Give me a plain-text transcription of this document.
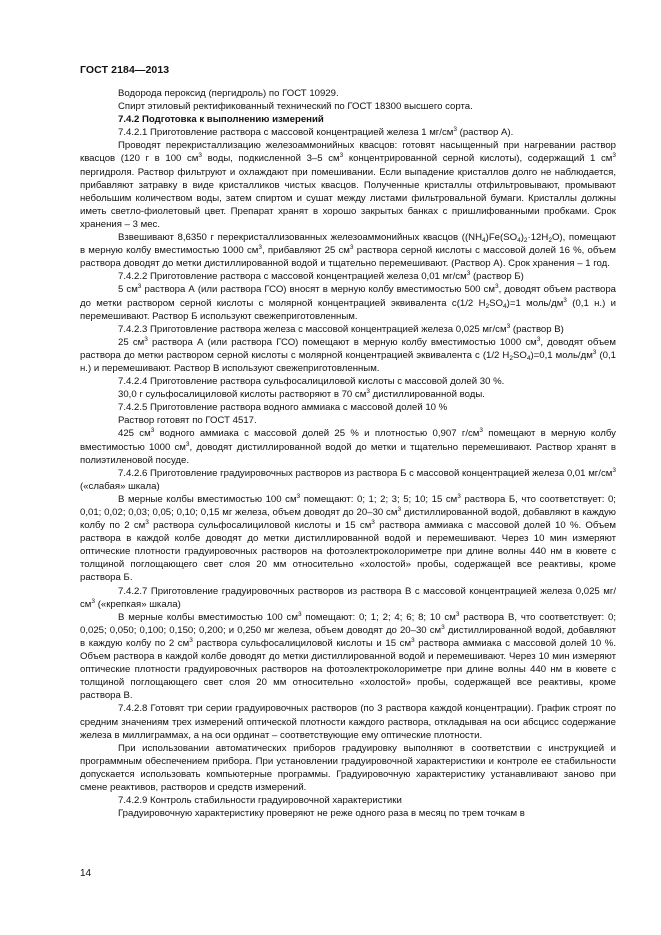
ГОСТ 2184—2013

Водорода пероксид (пергидроль) по ГОСТ 10929.

Спирт этиловый ректификованный технический по ГОСТ 18300 высшего сорта.

7.4.2 Подготовка к выполнению измерений

7.4.2.1 Приготовление раствора с массовой концентрацией железа 1 $мг/см^3$ (раствор А).

Проводят перекристаллизацию железоаммонийных квасцов: готовят насыщенный при нагревании раствор квасцов (120 г в 100 $см^3$ воды, подкисленной 3–5 $см^3$ концентрированной серной кислоты), содержащий 1 $см^3$ пергидроля. Раствор фильтруют и охлаждают при помешивании. Если выпадение кристаллов долго не наблюдается, прибавляют затравку в виде кристалликов чистых квасцов. Полученные кристаллы отфильтровывают, промывают небольшим количеством воды, затем спиртом и сушат между листами фильтровальной бумаги. Кристаллы должны иметь светло-фиолетовый цвет. Препарат хранят в хорошо закрытых банках с пришлифованными пробками. Срок хранения – 3 мес.

Взвешивают 8,6350 г перекристаллизованных железоаммонийных квасцов $((NH_4)Fe(SO_4)_2\cdot 12H_2O)$, помещают в мерную колбу вместимостью 1000 $см^3$, прибавляют 25 $см^3$ раствора серной кислоты с массовой долей 16 %, объем раствора доводят до метки дистиллированной водой и тщательно перемешивают. (Раствор А). Срок хранения – 1 год.

7.4.2.2 Приготовление раствора с массовой концентрацией железа 0,01 $мг/см^3$ (раствор Б)

5 $см^3$ раствора А (или раствора ГСО) вносят в мерную колбу вместимостью 500 $см^3$, доводят объем раствора до метки раствором серной кислоты с молярной концентрацией эквивалента с(1/2 $H_2SO_4)=1$ моль/$дм^3$ (0,1 н.) и перемешивают. Раствор Б используют свежеприготовленным.

7.4.2.3 Приготовление раствора железа с массовой концентрацией железа 0,025 $мг/см^3$ (раствор В)

25 $см^3$ раствора А (или раствора ГСО) помещают в мерную колбу вместимостью 1000 $см^3$, доводят объем раствора до метки раствором серной кислоты с молярной концентрацией эквивалента с (1/2 $H_2SO_4)=0,1$ моль/$дм^3$ (0,1 н.) и перемешивают. Раствор В используют свежеприготовленным.

7.4.2.4 Приготовление раствора сульфосалициловой кислоты с массовой долей 30 %.

30,0 г сульфосалициловой кислоты растворяют в 70 $см^3$ дистиллированной воды.

7.4.2.5 Приготовление раствора водного аммиака с массовой долей 10 %

Раствор готовят по ГОСТ 4517.

425 $см^3$ водного аммиака с массовой долей 25 % и плотностью 0,907 $г/см^3$ помещают в мерную колбу вместимостью 1000 $см^3$, доводят дистиллированной водой до метки и тщательно перемешивают. Раствор хранят в полиэтиленовой посуде.

7.4.2.6 Приготовление градуировочных растворов из раствора Б с массовой концентрацией железа 0,01 $мг/см^3$ («слабая» шкала)

В мерные колбы вместимостью 100 $см^3$ помещают: 0; 1; 2; 3; 5; 10; 15 $см^3$ раствора Б, что соответствует: 0; 0,01; 0,02; 0,03; 0,05; 0,10; 0,15 мг железа, объем доводят до 20–30 $см^3$ дистиллированной водой, добавляют в каждую колбу по 2 $см^3$ раствора сульфосалициловой кислоты и 15 $см^3$ раствора аммиака с массовой долей 10 %. Объем раствора в каждой колбе доводят до метки дистиллированной водой и перемешивают. Через 10 мин измеряют оптические плотности градуировочных растворов на фотоэлектроколориметре при длине волны 440 нм в кювете с толщиной поглощающего свет слоя 20 мм относительно «холостой» пробы, содержащей все реактивы, кроме раствора Б.

7.4.2.7 Приготовление градуировочных растворов из раствора В с массовой концентрацией железа 0,025 $мг/см^3$ («крепкая» шкала)

В мерные колбы вместимостью 100 $см^3$ помещают: 0; 1; 2; 4; 6; 8; 10 $см^3$ раствора В, что соответствует: 0; 0,025; 0,050; 0,100; 0,150; 0,200; и 0,250 мг железа, объем доводят до 20–30 $см^3$ дистиллированной водой, добавляют в каждую колбу по 2 $см^3$ раствора сульфосалициловой кислоты и 15 $см^3$ раствора аммиака с массовой долей 10 %. Объем раствора в каждой колбе доводят до метки дистиллированной водой и перемешивают. Через 10 мин измеряют оптические плотности градуировочных растворов на фотоэлектроколориметре при длине волны 440 нм в кювете с толщиной поглощающего свет слоя 20 мм относительно «холостой» пробы, содержащей все реактивы, кроме раствора В.

7.4.2.8 Готовят три серии градуировочных растворов (по 3 раствора каждой концентрации). График строят по средним значениям трех измерений оптической плотности каждого раствора, откладывая на оси абсцисс содержание железа в миллиграммах, а на оси ординат – соответствующие ему оптические плотности.

При использовании автоматических приборов градуировку выполняют в соответствии с инструкцией и программным обеспечением прибора. При установлении градуировочной характеристики и контроле ее стабильности допускается использовать компьютерные программы. Градуировочную характеристику устанавливают заново при смене реактивов, растворов и средств измерений.

7.4.2.9 Контроль стабильности градуировочной характеристики

Градуировочную характеристику проверяют не реже одного раза в месяц по трем точкам в

14
